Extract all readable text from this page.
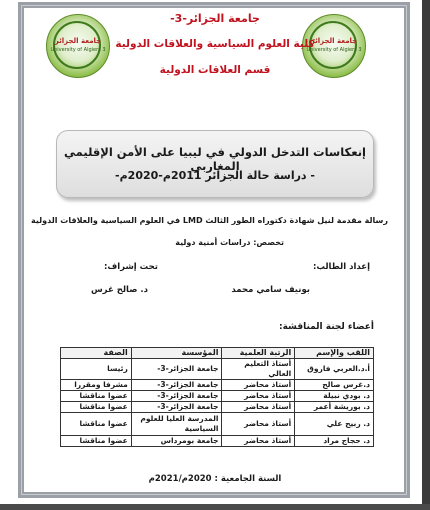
جامعة الجزائر
University of Algiers 3
جامعة الجزائر
University of Algiers 3
جامعة الجزائر-3-
كلية العلوم السياسية والعلاقات الدولية
قسم العلاقات الدولية
إنعكاسات التدخل الدولي في ليبيا على الأمن الإقليمي المغاربي
- دراسة حالة الجزائر 2011م-2020م-
رسالة مقدمة لنيل شهادة دكتوراه الطور الثالث LMD في العلوم السياسية والعلاقات الدولية
تخصص: دراسات أمنية دولية
إعداد الطالب:
تحت إشراف:
بونيف سامي محمد
د. صالح غرس
أعضاء لجنة المناقشة:
اللقب والإسم	الرتبة العلمية	المؤسسة	الصفة
أ.د.العربي فاروق	أستاذ التعليم العالي	جامعة الجزائر-3-	رئيسا
د.غرس صالح	أستاذ محاضر	جامعة الجزائر-3-	مشرفا ومقررا
د. بودي نبيلة	أستاذ محاضر	جامعة الجزائر-3-	عضوا مناقشا
د. بوريشة أعمر	أستاذ محاضر	جامعة الجزائر-3-	عضوا مناقشا
د. ربيح علي	أستاذ محاضر	المدرسة العليا للعلوم السياسية	عضوا مناقشا
د. حجاج مراد	أستاذ محاضر	جامعة بومرداس	عضوا مناقشا
السنة الجامعية : 2020م/2021م
